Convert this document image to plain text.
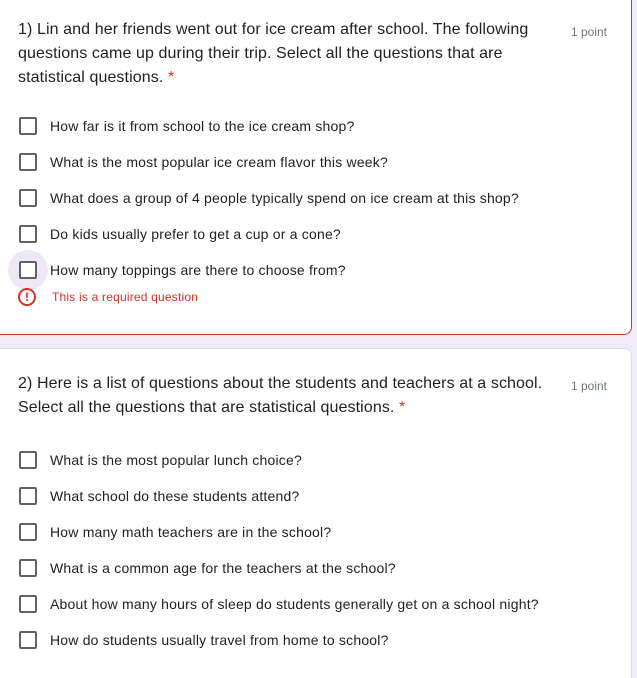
1) Lin and her friends went out for ice cream after school. The following questions came up during their trip. Select all the questions that are statistical questions. *
1 point
How far is it from school to the ice cream shop?
What is the most popular ice cream flavor this week?
What does a group of 4 people typically spend on ice cream at this shop?
Do kids usually prefer to get a cup or a cone?
How many toppings are there to choose from?
!	This is a required question
2) Here is a list of questions about the students and teachers at a school. Select all the questions that are statistical questions. *
1 point
What is the most popular lunch choice?
What school do these students attend?
How many math teachers are in the school?
What is a common age for the teachers at the school?
About how many hours of sleep do students generally get on a school night?
How do students usually travel from home to school?
